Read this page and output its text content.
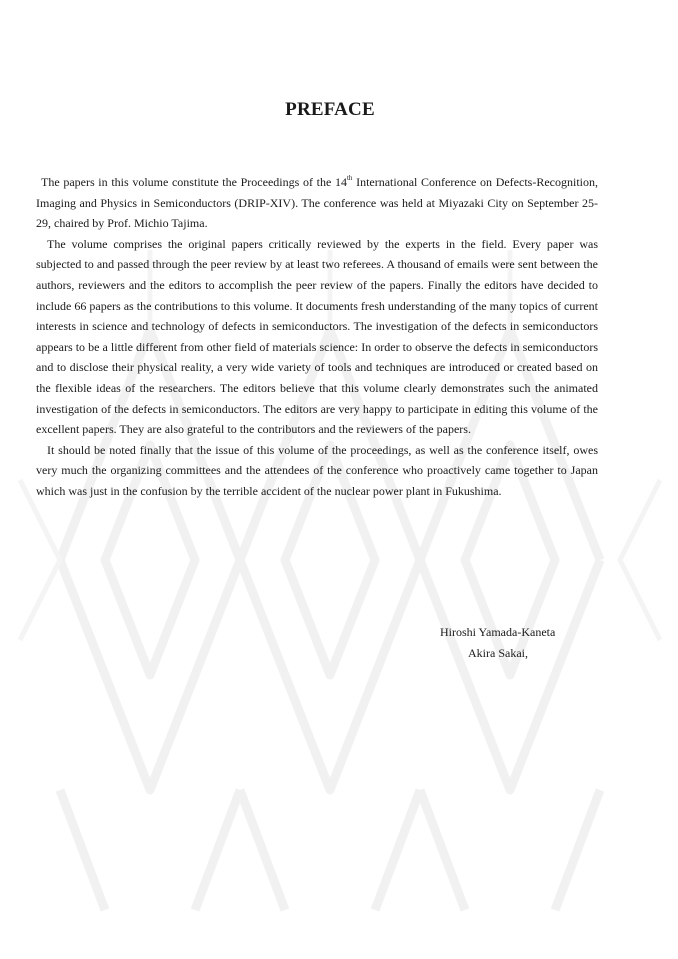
PREFACE

The papers in this volume constitute the Proceedings of the 14th International Conference on Defects-Recognition, Imaging and Physics in Semiconductors (DRIP-XIV). The conference was held at Miyazaki City on September 25-29, chaired by Prof. Michio Tajima.

The volume comprises the original papers critically reviewed by the experts in the field. Every paper was subjected to and passed through the peer review by at least two referees. A thousand of emails were sent between the authors, reviewers and the editors to accomplish the peer review of the papers. Finally the editors have decided to include 66 papers as the contributions to this volume. It documents fresh understanding of the many topics of current interests in science and technology of defects in semiconductors. The investigation of the defects in semiconductors appears to be a little different from other field of materials science: In order to observe the defects in semiconductors and to disclose their physical reality, a very wide variety of tools and techniques are introduced or created based on the flexible ideas of the researchers. The editors believe that this volume clearly demonstrates such the animated investigation of the defects in semiconductors. The editors are very happy to participate in editing this volume of the excellent papers. They are also grateful to the contributors and the reviewers of the papers.

It should be noted finally that the issue of this volume of the proceedings, as well as the conference itself, owes very much the organizing committees and the attendees of the conference who proactively came together to Japan which was just in the confusion by the terrible accident of the nuclear power plant in Fukushima.

Hiroshi Yamada-Kaneta
Akira Sakai,
